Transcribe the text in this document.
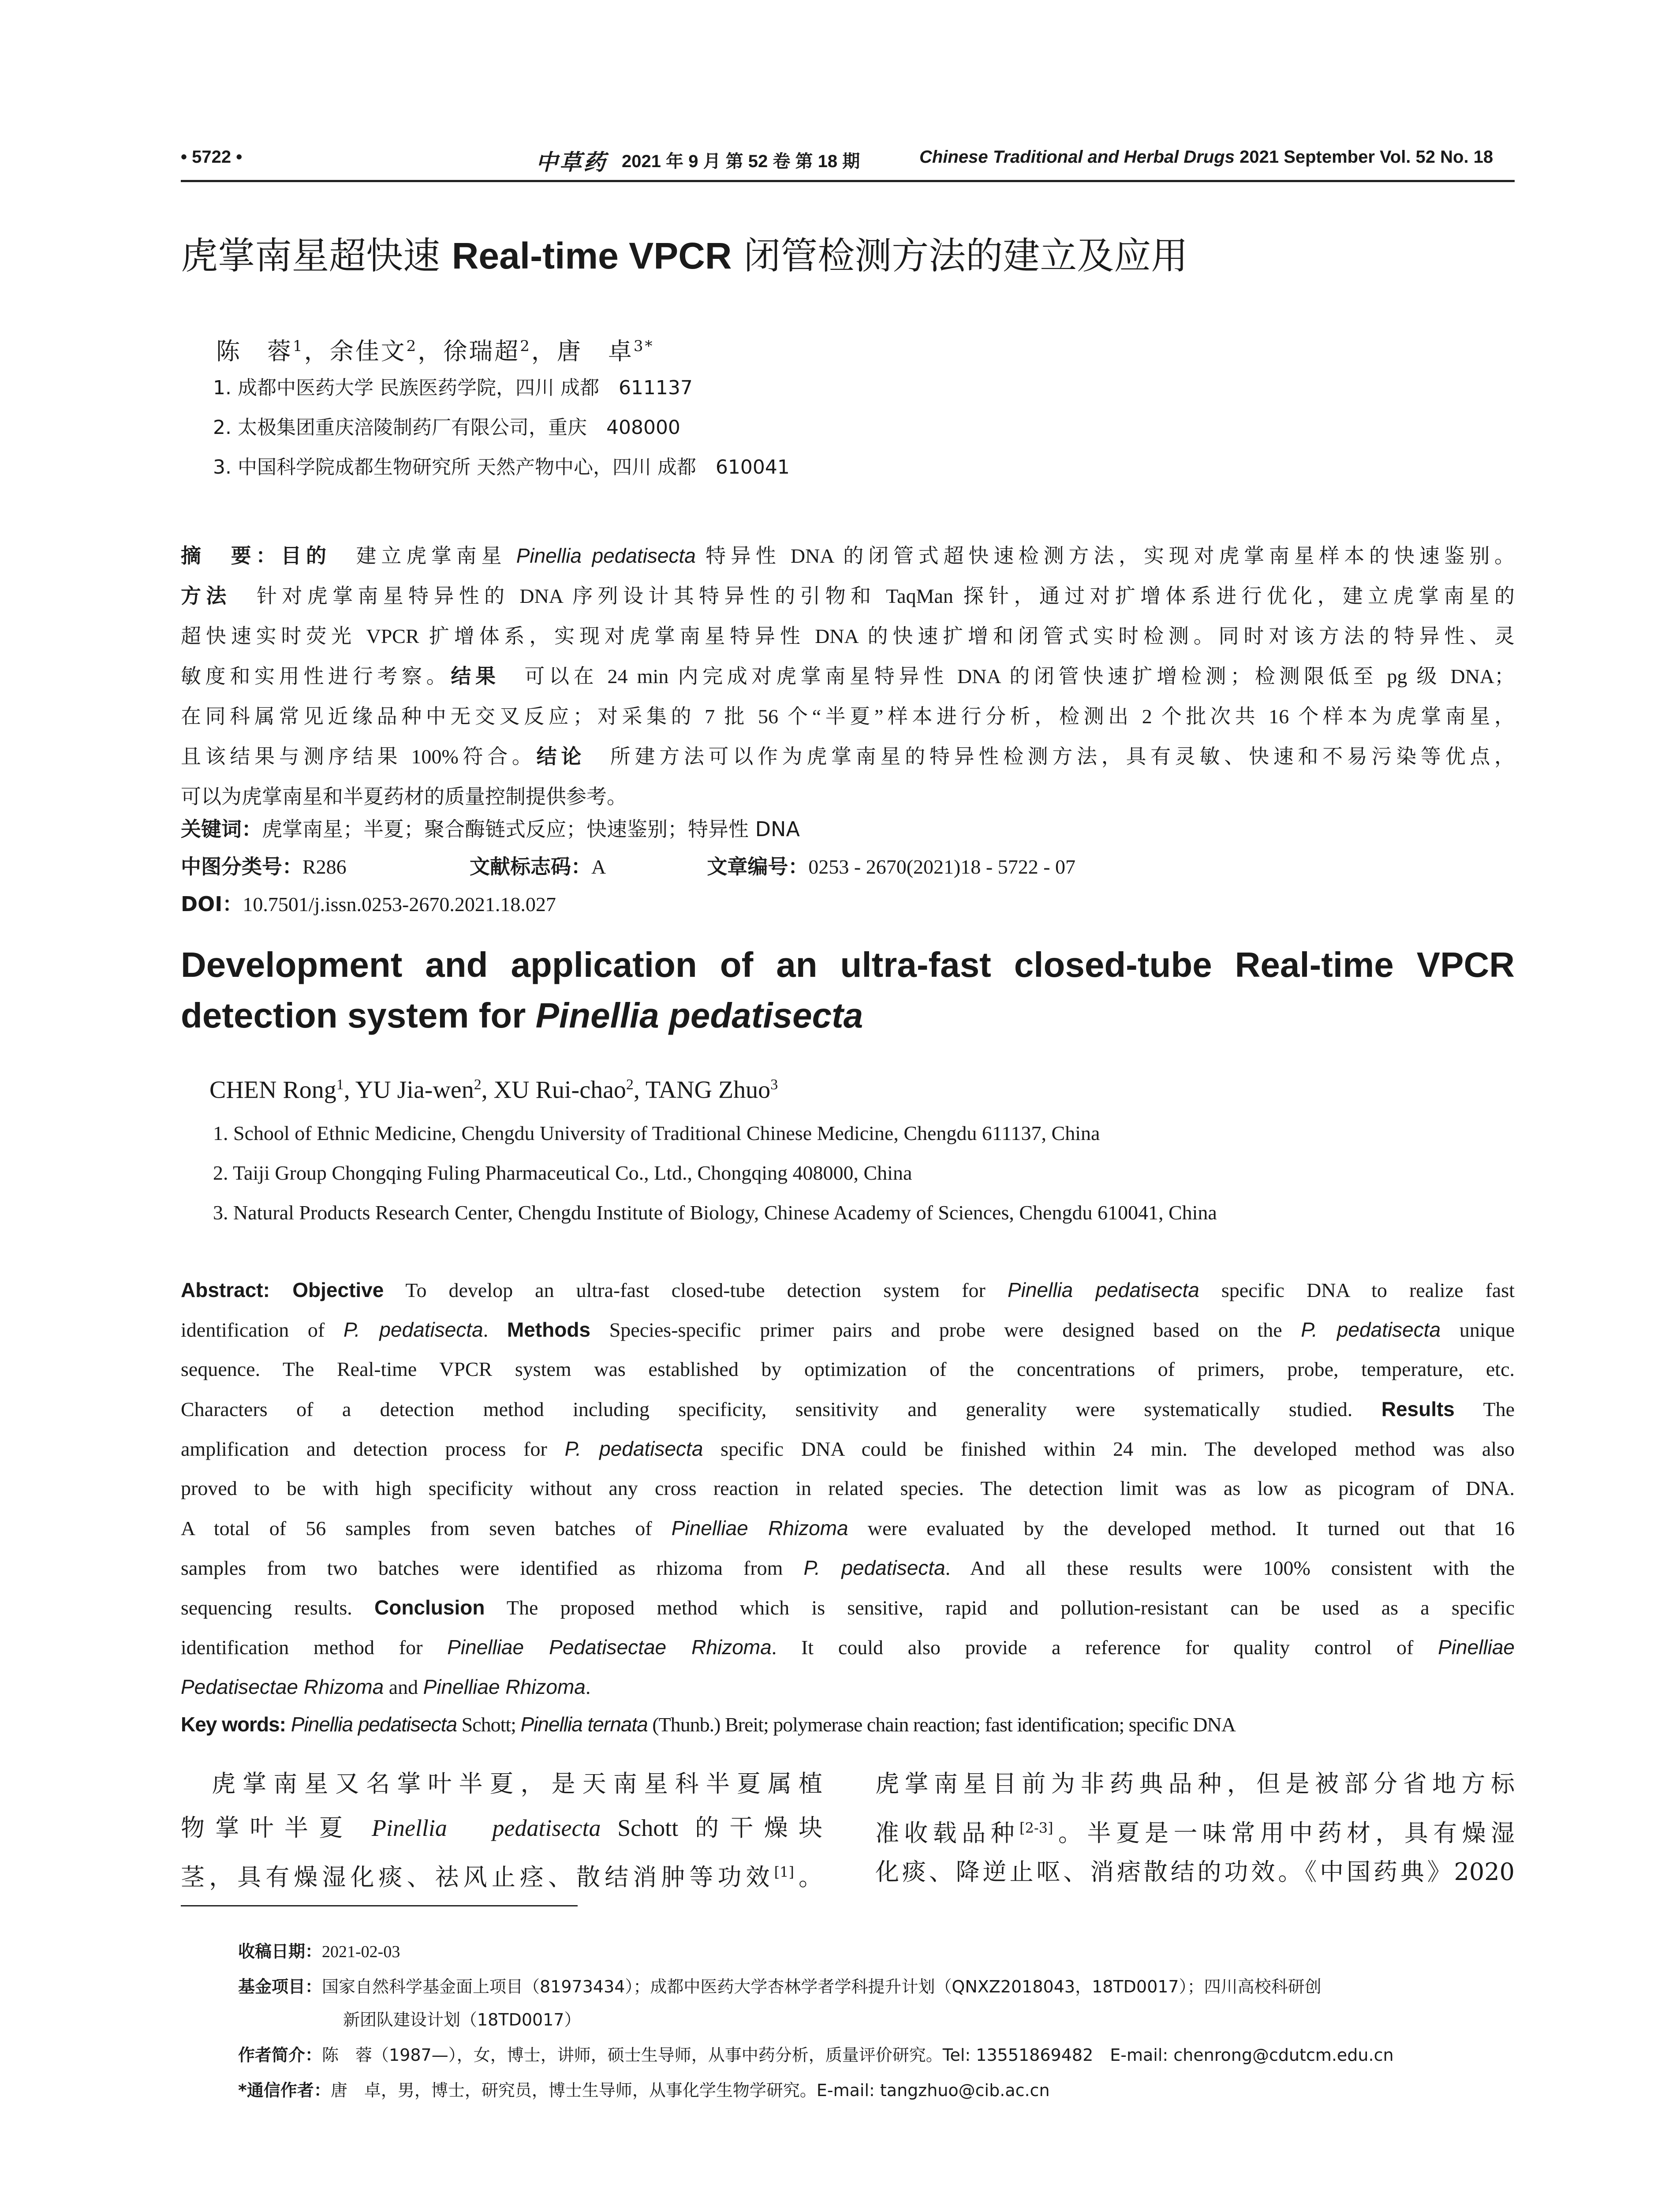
• 5722 •	中草药 2021 年 9 月 第 52 卷 第 18 期	Chinese Traditional and Herbal Drugs 2021 September Vol. 52 No. 18
虎掌南星超快速 Real-time VPCR 闭管检测方法的建立及应用
陈　蓉$^1$，余佳文$^2$，徐瑞超$^2$，唐　卓$^{3*}$
1. 成都中医药大学 民族医药学院，四川 成都　611137
2. 太极集团重庆涪陵制药厂有限公司，重庆　408000
3. 中国科学院成都生物研究所 天然产物中心，四川 成都　610041
摘　要：目的　建立虎掌南星 Pinellia pedatisecta 特异性 DNA 的闭管式超快速检测方法，实现对虎掌南星样本的快速鉴别。
方法　针对虎掌南星特异性的 DNA 序列设计其特异性的引物和 TaqMan 探针，通过对扩增体系进行优化，建立虎掌南星的
超快速实时荧光 VPCR 扩增体系，实现对虎掌南星特异性 DNA 的快速扩增和闭管式实时检测。同时对该方法的特异性、灵
敏度和实用性进行考察。结果　可以在 24 min 内完成对虎掌南星特异性 DNA 的闭管快速扩增检测；检测限低至 pg 级 DNA；
在同科属常见近缘品种中无交叉反应；对采集的 7 批 56 个“半夏”样本进行分析，检测出 2 个批次共 16 个样本为虎掌南星，
且该结果与测序结果 100%符合。结论　所建方法可以作为虎掌南星的特异性检测方法，具有灵敏、快速和不易污染等优点，
可以为虎掌南星和半夏药材的质量控制提供参考。
关键词：虎掌南星；半夏；聚合酶链式反应；快速鉴别；特异性 DNA
中图分类号：R286	文献标志码：A	文章编号：0253 - 2670(2021)18 - 5722 - 07
DOI：10.7501/j.issn.0253-2670.2021.18.027
Development and application of an ultra-fast closed-tube Real-time VPCR
detection system for Pinellia pedatisecta
CHEN Rong$^1$, YU Jia-wen$^2$, XU Rui-chao$^2$, TANG Zhuo$^3$
1. School of Ethnic Medicine, Chengdu University of Traditional Chinese Medicine, Chengdu 611137, China
2. Taiji Group Chongqing Fuling Pharmaceutical Co., Ltd., Chongqing 408000, China
3. Natural Products Research Center, Chengdu Institute of Biology, Chinese Academy of Sciences, Chengdu 610041, China
Abstract: Objective To develop an ultra-fast closed-tube detection system for Pinellia pedatisecta specific DNA to realize fast
identification of P. pedatisecta. Methods Species-specific primer pairs and probe were designed based on the P. pedatisecta unique
sequence. The Real-time VPCR system was established by optimization of the concentrations of primers, probe, temperature, etc.
Characters of a detection method including specificity, sensitivity and generality were systematically studied. Results The
amplification and detection process for P. pedatisecta specific DNA could be finished within 24 min. The developed method was also
proved to be with high specificity without any cross reaction in related species. The detection limit was as low as picogram of DNA.
A total of 56 samples from seven batches of Pinelliae Rhizoma were evaluated by the developed method. It turned out that 16
samples from two batches were identified as rhizoma from P. pedatisecta. And all these results were 100% consistent with the
sequencing results. Conclusion The proposed method which is sensitive, rapid and pollution-resistant can be used as a specific
identification method for Pinelliae Pedatisectae Rhizoma. It could also provide a reference for quality control of Pinelliae
Pedatisectae Rhizoma and Pinelliae Rhizoma.
Key words: Pinellia pedatisecta Schott; Pinellia ternata (Thunb.) Breit; polymerase chain reaction; fast identification; specific DNA
　虎掌南星又名掌叶半夏，是天南星科半夏属植
物掌叶半夏 Pinellia　pedatisecta Schott 的干燥块
茎，具有燥湿化痰、祛风止痉、散结消肿等功效[1]。
虎掌南星目前为非药典品种，但是被部分省地方标
准收载品种[2-3]。半夏是一味常用中药材，具有燥湿
化痰、降逆止呕、消痞散结的功效。《中国药典》2020
收稿日期：2021-02-03
基金项目：国家自然科学基金面上项目（81973434）；成都中医药大学杏林学者学科提升计划（QNXZ2018043，18TD0017）；四川高校科研创
新团队建设计划（18TD0017）
作者简介：陈　蓉（1987—），女，博士，讲师，硕士生导师，从事中药分析，质量评价研究。Tel: 13551869482　E-mail: chenrong@cdutcm.edu.cn
*通信作者：唐　卓，男，博士，研究员，博士生导师，从事化学生物学研究。E-mail: tangzhuo@cib.ac.cn
